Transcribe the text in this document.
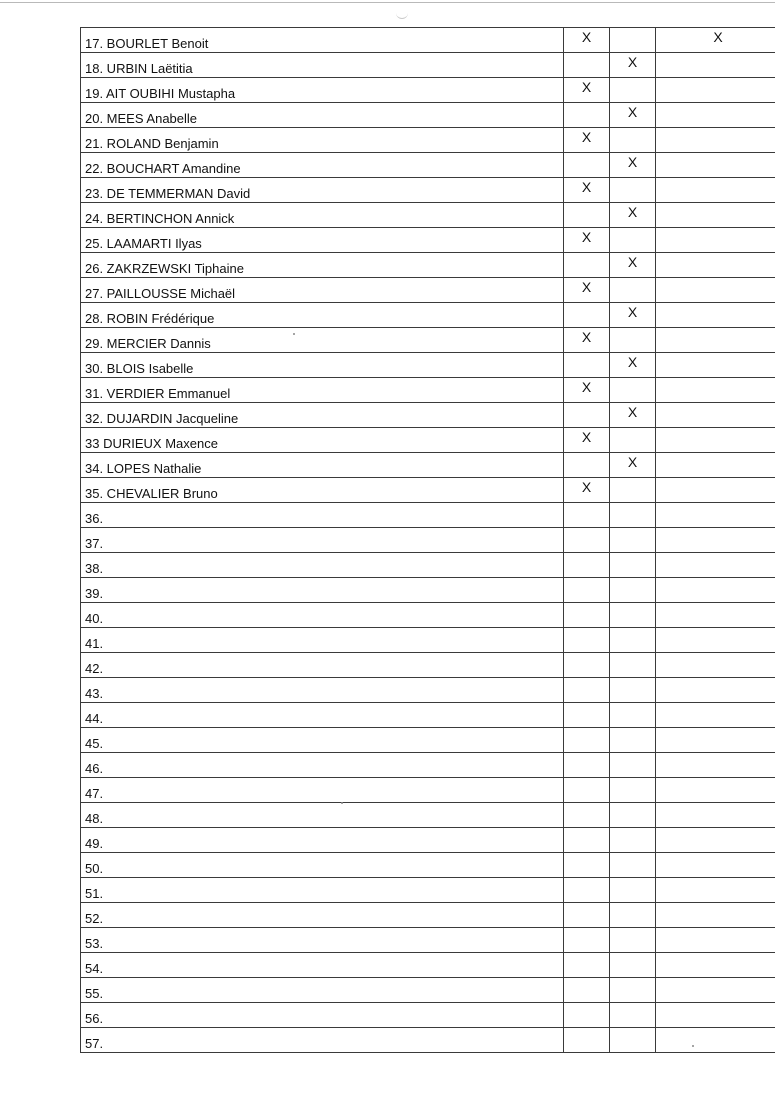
17. BOURLET Benoit	X		X
18. URBIN Laëtitia		X	
19. AIT OUBIHI Mustapha	X		
20. MEES Anabelle		X	
21. ROLAND Benjamin	X		
22. BOUCHART Amandine		X	
23. DE TEMMERMAN David	X		
24. BERTINCHON Annick		X	
25. LAAMARTI Ilyas	X		
26. ZAKRZEWSKI Tiphaine		X	
27. PAILLOUSSE Michaël	X		
28. ROBIN Frédérique		X	
29. MERCIER Dannis	X		
30. BLOIS Isabelle		X	
31. VERDIER Emmanuel	X		
32. DUJARDIN Jacqueline		X	
33 DURIEUX Maxence	X		
34. LOPES Nathalie		X	
35. CHEVALIER Bruno	X		
36.			
37.			
38.			
39.			
40.			
41.			
42.			
43.			
44.			
45.			
46.			
47.			
48.			
49.			
50.			
51.			
52.			
53.			
54.			
55.			
56.			
57.			
